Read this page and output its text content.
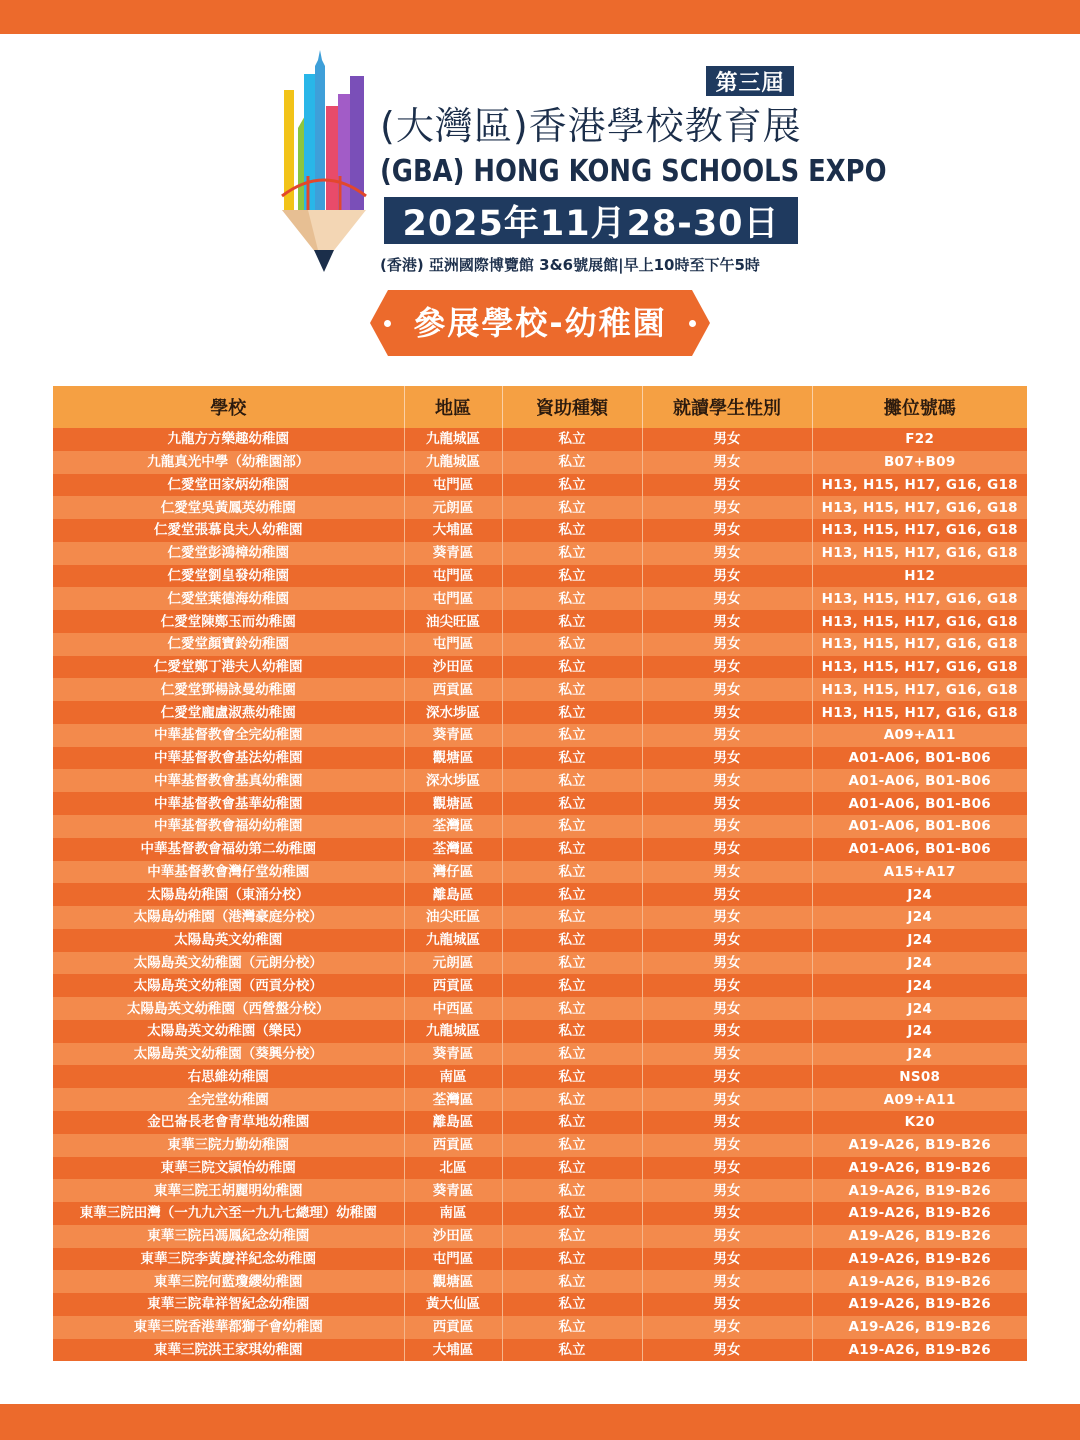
第三屆
(大灣區)香港學校教育展
(GBA) HONG KONG SCHOOLS EXPO
2025年11月28-30日
(香港) 亞洲國際博覽館 3&6號展館|早上10時至下午5時
參展學校-幼稚園
學校	地區	資助種類	就讀學生性別	攤位號碼
九龍方方樂趣幼稚園	九龍城區	私立	男女	F22
九龍真光中學（幼稚園部）	九龍城區	私立	男女	B07+B09
仁愛堂田家炳幼稚園	屯門區	私立	男女	H13, H15, H17, G16, G18
仁愛堂吳黃鳳英幼稚園	元朗區	私立	男女	H13, H15, H17, G16, G18
仁愛堂張慕良夫人幼稚園	大埔區	私立	男女	H13, H15, H17, G16, G18
仁愛堂彭鴻樟幼稚園	葵青區	私立	男女	H13, H15, H17, G16, G18
仁愛堂劉皇發幼稚園	屯門區	私立	男女	H12
仁愛堂葉德海幼稚園	屯門區	私立	男女	H13, H15, H17, G16, G18
仁愛堂陳鄭玉而幼稚園	油尖旺區	私立	男女	H13, H15, H17, G16, G18
仁愛堂顏寶鈴幼稚園	屯門區	私立	男女	H13, H15, H17, G16, G18
仁愛堂鄭丁港夫人幼稚園	沙田區	私立	男女	H13, H15, H17, G16, G18
仁愛堂鄧楊詠曼幼稚園	西貢區	私立	男女	H13, H15, H17, G16, G18
仁愛堂龐盧淑燕幼稚園	深水埗區	私立	男女	H13, H15, H17, G16, G18
中華基督教會全完幼稚園	葵青區	私立	男女	A09+A11
中華基督教會基法幼稚園	觀塘區	私立	男女	A01-A06, B01-B06
中華基督教會基真幼稚園	深水埗區	私立	男女	A01-A06, B01-B06
中華基督教會基華幼稚園	觀塘區	私立	男女	A01-A06, B01-B06
中華基督教會福幼幼稚園	荃灣區	私立	男女	A01-A06, B01-B06
中華基督教會福幼第二幼稚園	荃灣區	私立	男女	A01-A06, B01-B06
中華基督教會灣仔堂幼稚園	灣仔區	私立	男女	A15+A17
太陽島幼稚園（東涌分校）	離島區	私立	男女	J24
太陽島幼稚園（港灣豪庭分校）	油尖旺區	私立	男女	J24
太陽島英文幼稚園	九龍城區	私立	男女	J24
太陽島英文幼稚園（元朗分校）	元朗區	私立	男女	J24
太陽島英文幼稚園（西貢分校）	西貢區	私立	男女	J24
太陽島英文幼稚園（西營盤分校）	中西區	私立	男女	J24
太陽島英文幼稚園（樂民）	九龍城區	私立	男女	J24
太陽島英文幼稚園（葵興分校）	葵青區	私立	男女	J24
右思維幼稚園	南區	私立	男女	NS08
全完堂幼稚園	荃灣區	私立	男女	A09+A11
金巴崙長老會青草地幼稚園	離島區	私立	男女	K20
東華三院力勤幼稚園	西貢區	私立	男女	A19-A26, B19-B26
東華三院文頴怡幼稚園	北區	私立	男女	A19-A26, B19-B26
東華三院王胡麗明幼稚園	葵青區	私立	男女	A19-A26, B19-B26
東華三院田灣（一九九六至一九九七總理）幼稚園	南區	私立	男女	A19-A26, B19-B26
東華三院呂馮鳳紀念幼稚園	沙田區	私立	男女	A19-A26, B19-B26
東華三院李黃慶祥紀念幼稚園	屯門區	私立	男女	A19-A26, B19-B26
東華三院何藍瓊纓幼稚園	觀塘區	私立	男女	A19-A26, B19-B26
東華三院韋祥智紀念幼稚園	黃大仙區	私立	男女	A19-A26, B19-B26
東華三院香港華都獅子會幼稚園	西貢區	私立	男女	A19-A26, B19-B26
東華三院洪王家琪幼稚園	大埔區	私立	男女	A19-A26, B19-B26
